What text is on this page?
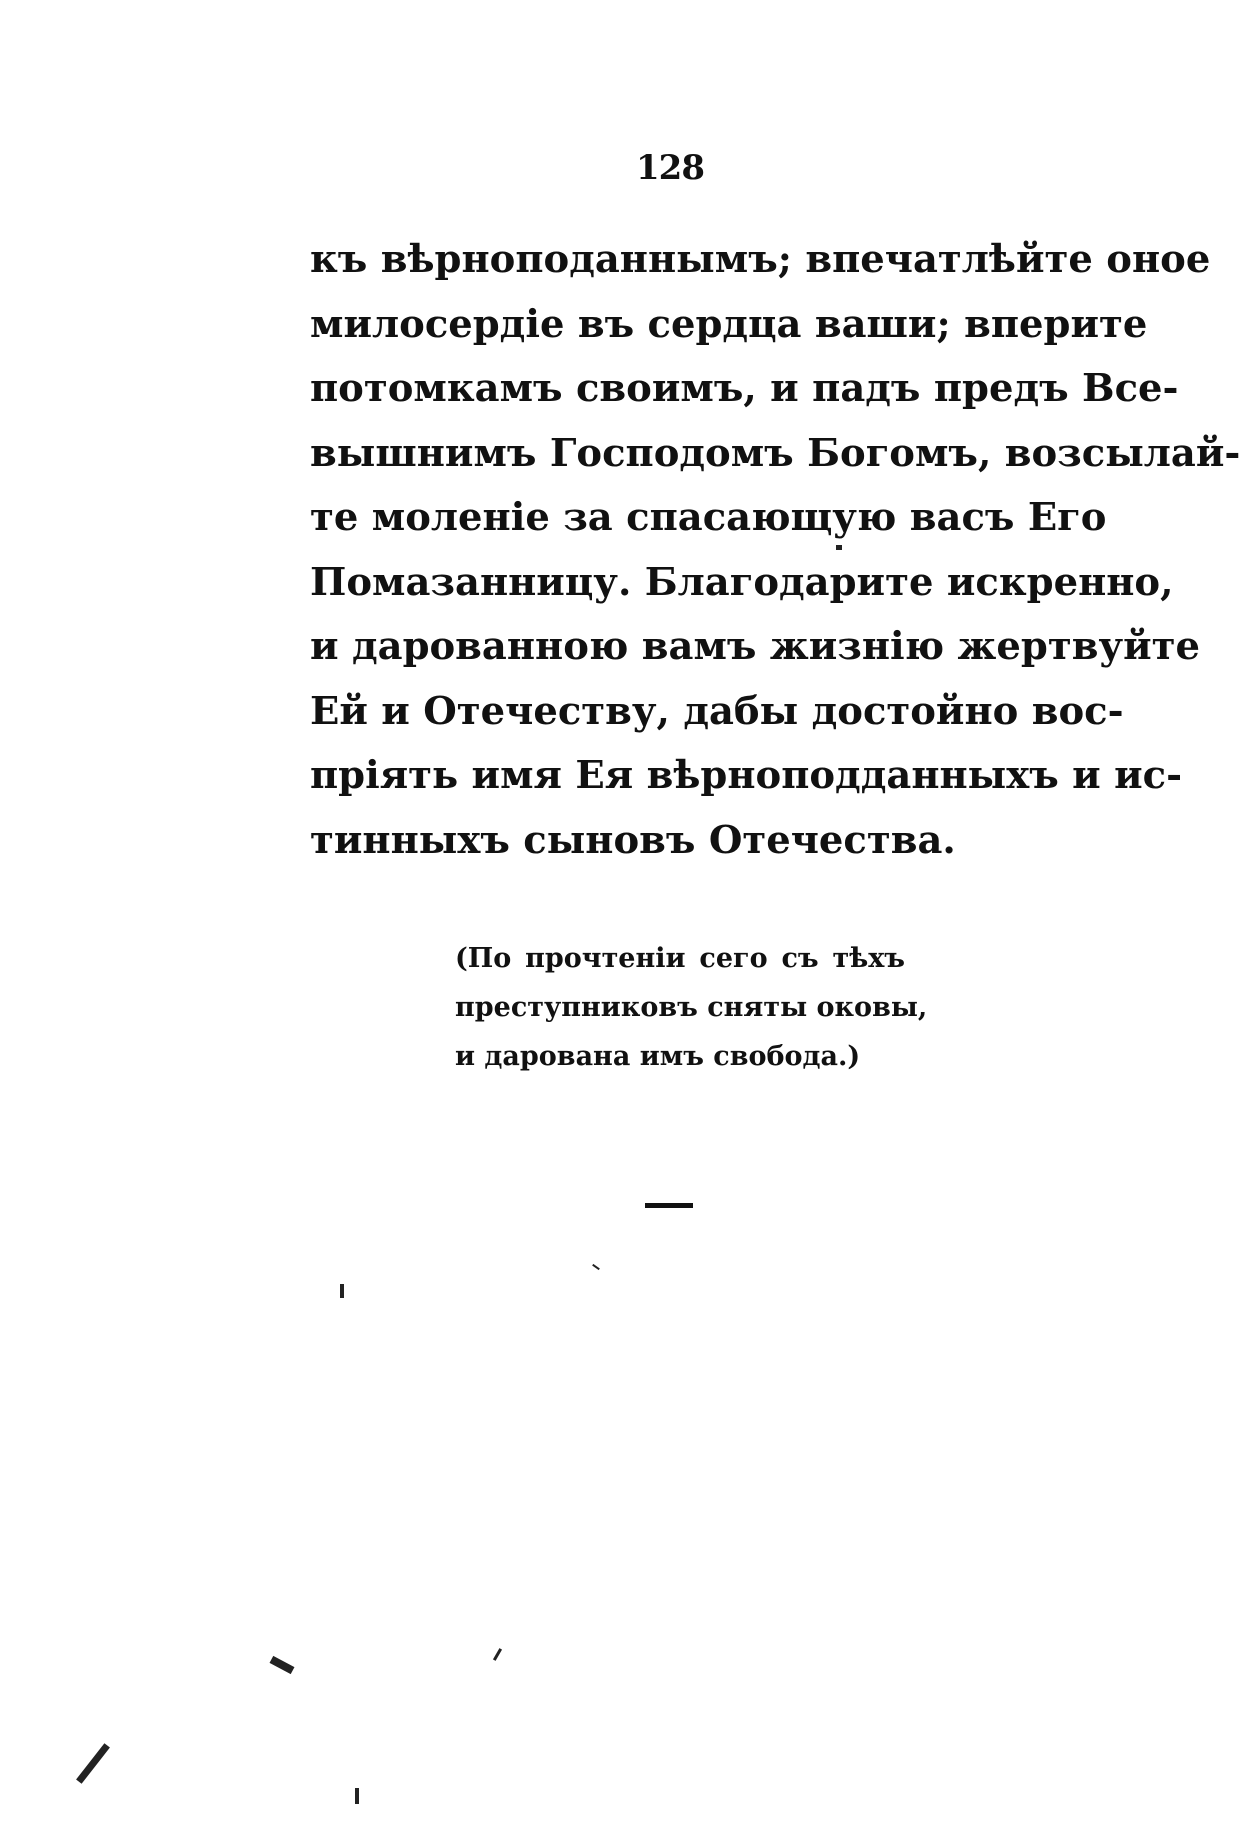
128
къ вѣрноподаннымъ; впечатлѣйте оное
милосердіе въ сердца ваши; вперите
потомкамъ своимъ, и падъ предъ Все-
вышнимъ Господомъ Богомъ, возсылай-
те моленіе за спасающую васъ Его
Помазанницу. Благодарите искренно,
и дарованною вамъ жизнію жертвуйте
Ей и Отечеству, дабы достойно вос-
пріять имя Ея вѣрноподданныхъ и ис-
тинныхъ сыновъ Отечества.
(По прочтеніи сего съ тѣхъ
преступниковъ сняты оковы,
и дарована имъ свобода.)
